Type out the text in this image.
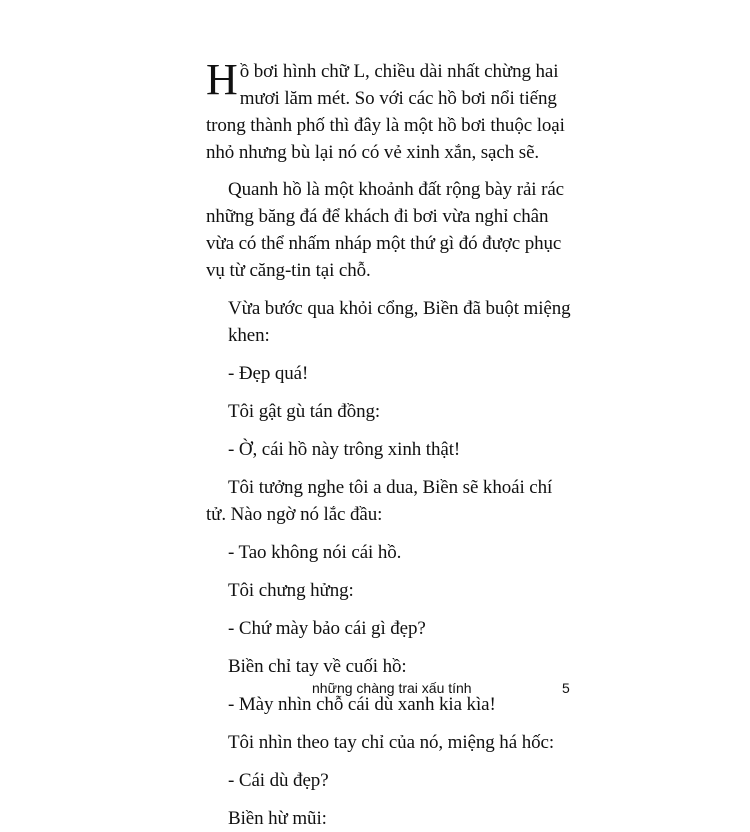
Hồ bơi hình chữ L, chiều dài nhất chừng hai mươi lăm mét. So với các hồ bơi nổi tiếng trong thành phố thì đây là một hồ bơi thuộc loại nhỏ nhưng bù lại nó có vẻ xinh xắn, sạch sẽ.

Quanh hồ là một khoảnh đất rộng bày rải rác những băng đá để khách đi bơi vừa nghỉ chân vừa có thể nhấm nháp một thứ gì đó được phục vụ từ căng-tin tại chỗ.

Vừa bước qua khỏi cổng, Biền đã buột miệng khen:

- Đẹp quá!

Tôi gật gù tán đồng:

- Ờ, cái hồ này trông xinh thật!

Tôi tưởng nghe tôi a dua, Biền sẽ khoái chí tử. Nào ngờ nó lắc đầu:

- Tao không nói cái hồ.

Tôi chưng hửng:

- Chứ mày bảo cái gì đẹp?

Biền chỉ tay về cuối hồ:

- Mày nhìn chỗ cái dù xanh kia kìa!

Tôi nhìn theo tay chỉ của nó, miệng há hốc:

- Cái dù đẹp?

Biền hừ mũi:

những chàng trai xấu tính	5
